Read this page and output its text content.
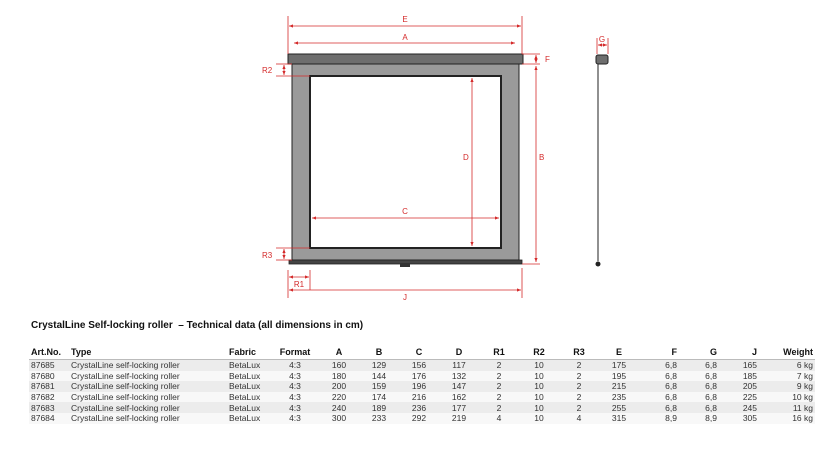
E
A
F
R2
D	B
C
R3
R1
J
G
CrystalLine Self-locking roller  – Technical data (all dimensions in cm)
Art.No.	Type	Fabric	Format	A	B	C	D	R1	R2	R3	E	F	G	J	Weight
87685	CrystalLine self-locking roller	BetaLux	4:3	160	129	156	117	2	10	2	175	6,8	6,8	165	6 kg
87680	CrystalLine self-locking roller	BetaLux	4:3	180	144	176	132	2	10	2	195	6,8	6,8	185	7 kg
87681	CrystalLine self-locking roller	BetaLux	4:3	200	159	196	147	2	10	2	215	6,8	6,8	205	9 kg
87682	CrystalLine self-locking roller	BetaLux	4:3	220	174	216	162	2	10	2	235	6,8	6,8	225	10 kg
87683	CrystalLine self-locking roller	BetaLux	4:3	240	189	236	177	2	10	2	255	6,8	6,8	245	11 kg
87684	CrystalLine self-locking roller	BetaLux	4:3	300	233	292	219	4	10	4	315	8,9	8,9	305	16 kg
